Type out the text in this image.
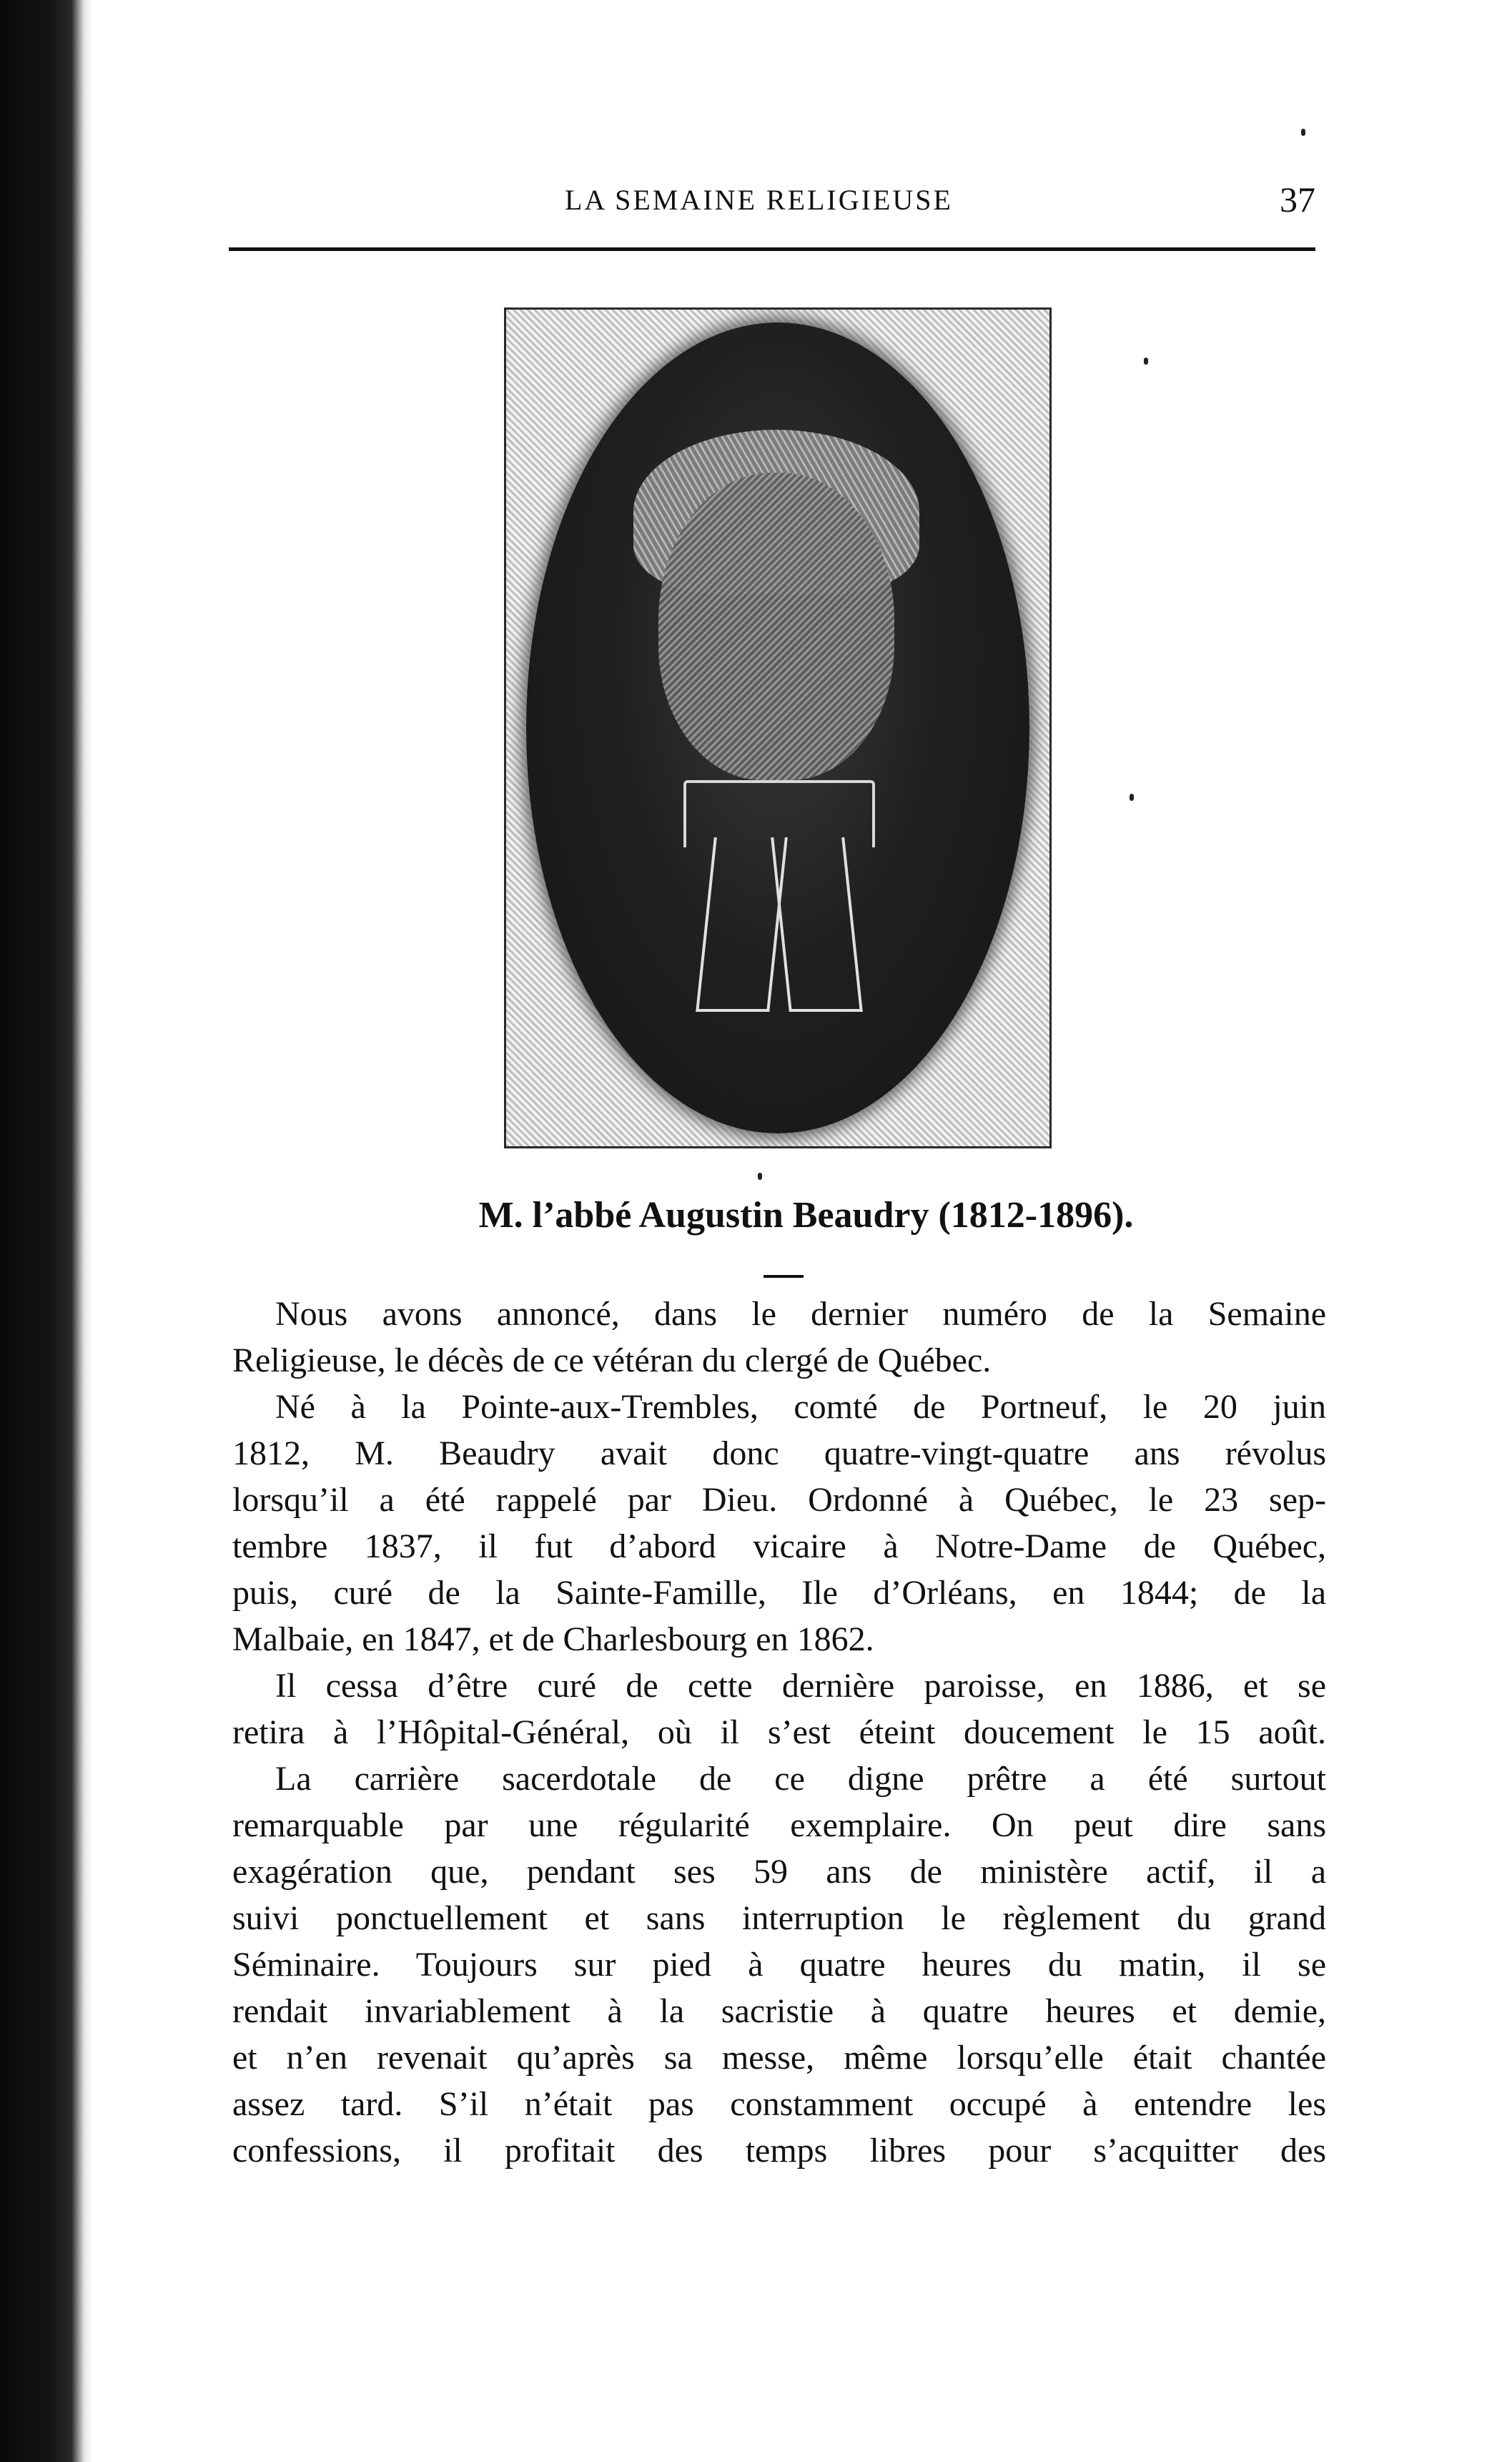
LA SEMAINE RELIGIEUSE	37
M. l’abbé Augustin Beaudry (1812-1896).

Nous avons annoncé, dans le dernier numéro de la Semaine
Religieuse, le décès de ce vétéran du clergé de Québec.

Né à la Pointe-aux-Trembles, comté de Portneuf, le 20 juin
1812, M. Beaudry avait donc quatre-vingt-quatre ans révolus
lorsqu’il a été rappelé par Dieu. Ordonné à Québec, le 23 sep-
tembre 1837, il fut d’abord vicaire à Notre-Dame de Québec,
puis, curé de la Sainte-Famille, Ile d’Orléans, en 1844; de la
Malbaie, en 1847, et de Charlesbourg en 1862.

Il cessa d’être curé de cette dernière paroisse, en 1886, et se
retira à l’Hôpital-Général, où il s’est éteint doucement le 15 août.

La carrière sacerdotale de ce digne prêtre a été surtout
remarquable par une régularité exemplaire. On peut dire sans
exagération que, pendant ses 59 ans de ministère actif, il a
suivi ponctuellement et sans interruption le règlement du grand
Séminaire. Toujours sur pied à quatre heures du matin, il se
rendait invariablement à la sacristie à quatre heures et demie,
et n’en revenait qu’après sa messe, même lorsqu’elle était chantée
assez tard. S’il n’était pas constamment occupé à entendre les
confessions, il profitait des temps libres pour s’acquitter des
